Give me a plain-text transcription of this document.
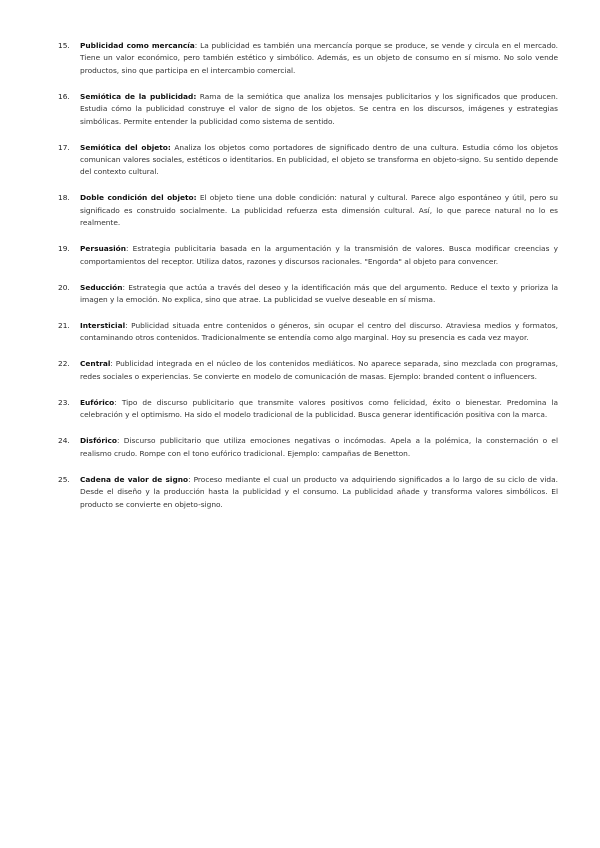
15.	Publicidad como mercancía: La publicidad es también una mercancía porque se produce, se vende y circula en el mercado. Tiene un valor económico, pero también estético y simbólico. Además, es un objeto de consumo en sí mismo. No solo vende productos, sino que participa en el intercambio comercial.
16.	Semiótica de la publicidad: Rama de la semiótica que analiza los mensajes publicitarios y los significados que producen. Estudia cómo la publicidad construye el valor de signo de los objetos. Se centra en los discursos, imágenes y estrategias simbólicas. Permite entender la publicidad como sistema de sentido.
17.	Semiótica del objeto: Analiza los objetos como portadores de significado dentro de una cultura. Estudia cómo los objetos comunican valores sociales, estéticos o identitarios. En publicidad, el objeto se transforma en objeto-signo. Su sentido depende del contexto cultural.
18.	Doble condición del objeto: El objeto tiene una doble condición: natural y cultural. Parece algo espontáneo y útil, pero su significado es construido socialmente. La publicidad refuerza esta dimensión cultural. Así, lo que parece natural no lo es realmente.
19.	Persuasión: Estrategia publicitaria basada en la argumentación y la transmisión de valores. Busca modificar creencias y comportamientos del receptor. Utiliza datos, razones y discursos racionales. "Engorda" al objeto para convencer.
20.	Seducción: Estrategia que actúa a través del deseo y la identificación más que del argumento. Reduce el texto y prioriza la imagen y la emoción. No explica, sino que atrae. La publicidad se vuelve deseable en sí misma.
21.	Intersticial: Publicidad situada entre contenidos o géneros, sin ocupar el centro del discurso. Atraviesa medios y formatos, contaminando otros contenidos. Tradicionalmente se entendía como algo marginal. Hoy su presencia es cada vez mayor.
22.	Central: Publicidad integrada en el núcleo de los contenidos mediáticos. No aparece separada, sino mezclada con programas, redes sociales o experiencias. Se convierte en modelo de comunicación de masas. Ejemplo: branded content o influencers.
23.	Eufórico: Tipo de discurso publicitario que transmite valores positivos como felicidad, éxito o bienestar. Predomina la celebración y el optimismo. Ha sido el modelo tradicional de la publicidad. Busca generar identificación positiva con la marca.
24.	Disfórico: Discurso publicitario que utiliza emociones negativas o incómodas. Apela a la polémica, la consternación o el realismo crudo. Rompe con el tono eufórico tradicional. Ejemplo: campañas de Benetton.
25.	Cadena de valor de signo: Proceso mediante el cual un producto va adquiriendo significados a lo largo de su ciclo de vida. Desde el diseño y la producción hasta la publicidad y el consumo. La publicidad añade y transforma valores simbólicos. El producto se convierte en objeto-signo.
